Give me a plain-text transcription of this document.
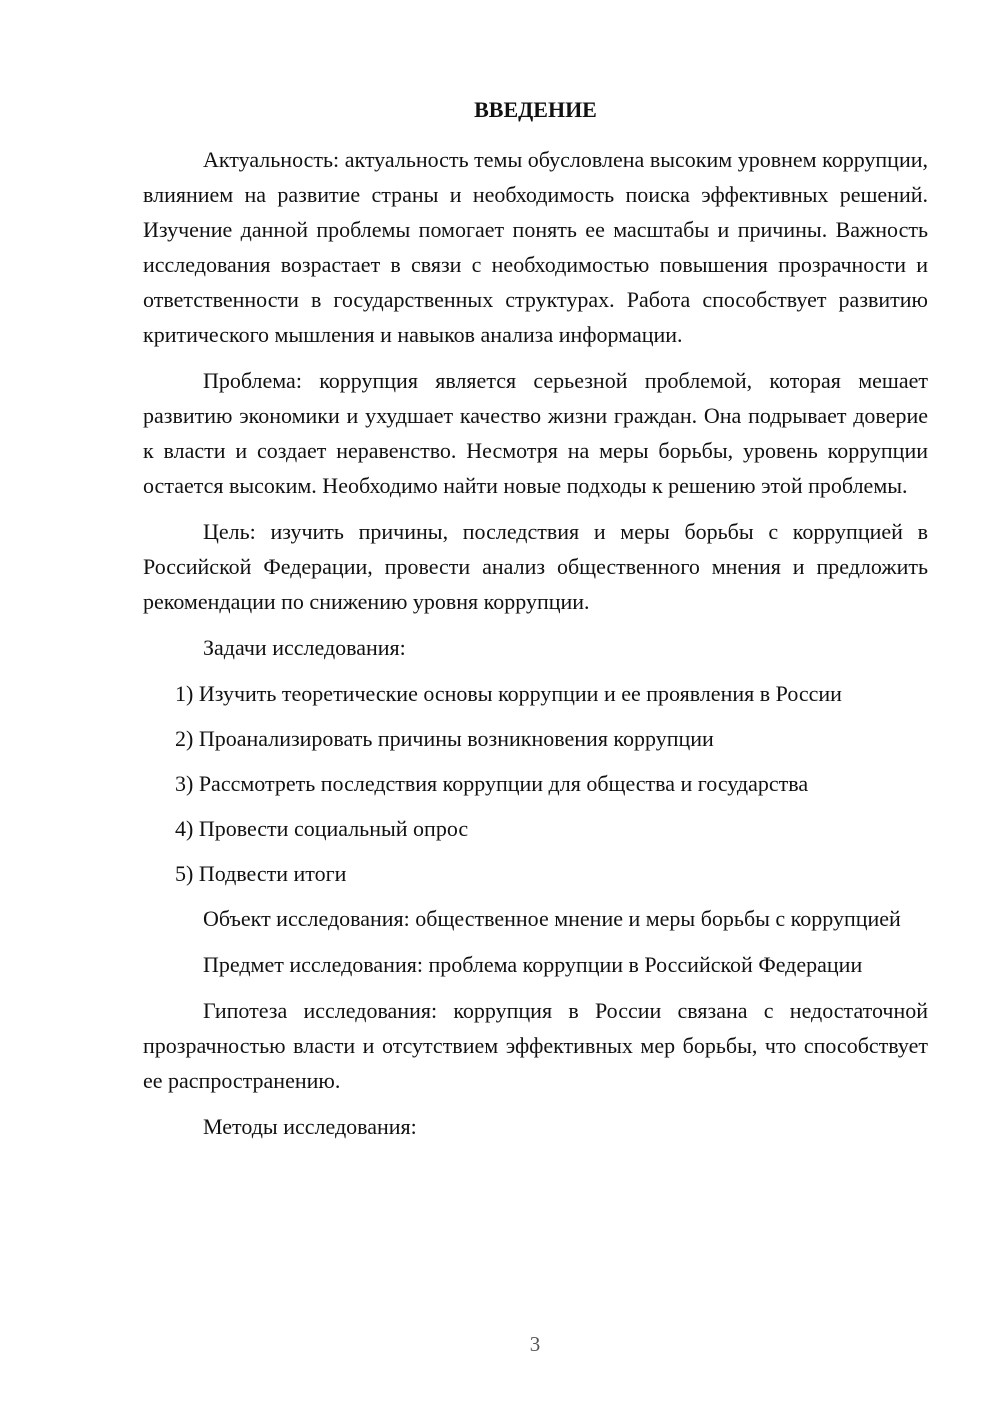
ВВЕДЕНИЕ

Актуальность: актуальность темы обусловлена высоким уровнем коррупции, влиянием на развитие страны и необходимость поиска эффективных решений. Изучение данной проблемы помогает понять ее масштабы и причины. Важность исследования возрастает в связи с необходимостью повышения прозрачности и ответственности в государственных структурах. Работа способствует развитию критического мышления и навыков анализа информации.

Проблема: коррупция является серьезной проблемой, которая мешает развитию экономики и ухудшает качество жизни граждан. Она подрывает доверие к власти и создает неравенство. Несмотря на меры борьбы, уровень коррупции остается высоким. Необходимо найти новые подходы к решению этой проблемы.

Цель: изучить причины, последствия и меры борьбы с коррупцией в Российской Федерации, провести анализ общественного мнения и предложить рекомендации по снижению уровня коррупции.

Задачи исследования:

1) Изучить теоретические основы коррупции и ее проявления в России
2) Проанализировать причины возникновения коррупции
3) Рассмотреть последствия коррупции для общества и государства
4) Провести социальный опрос
5) Подвести итоги

Объект исследования: общественное мнение и меры борьбы с коррупцией

Предмет исследования: проблема коррупции в Российской Федерации

Гипотеза исследования: коррупция в России связана с недостаточной прозрачностью власти и отсутствием эффективных мер борьбы, что способствует ее распространению.

Методы исследования:

3
